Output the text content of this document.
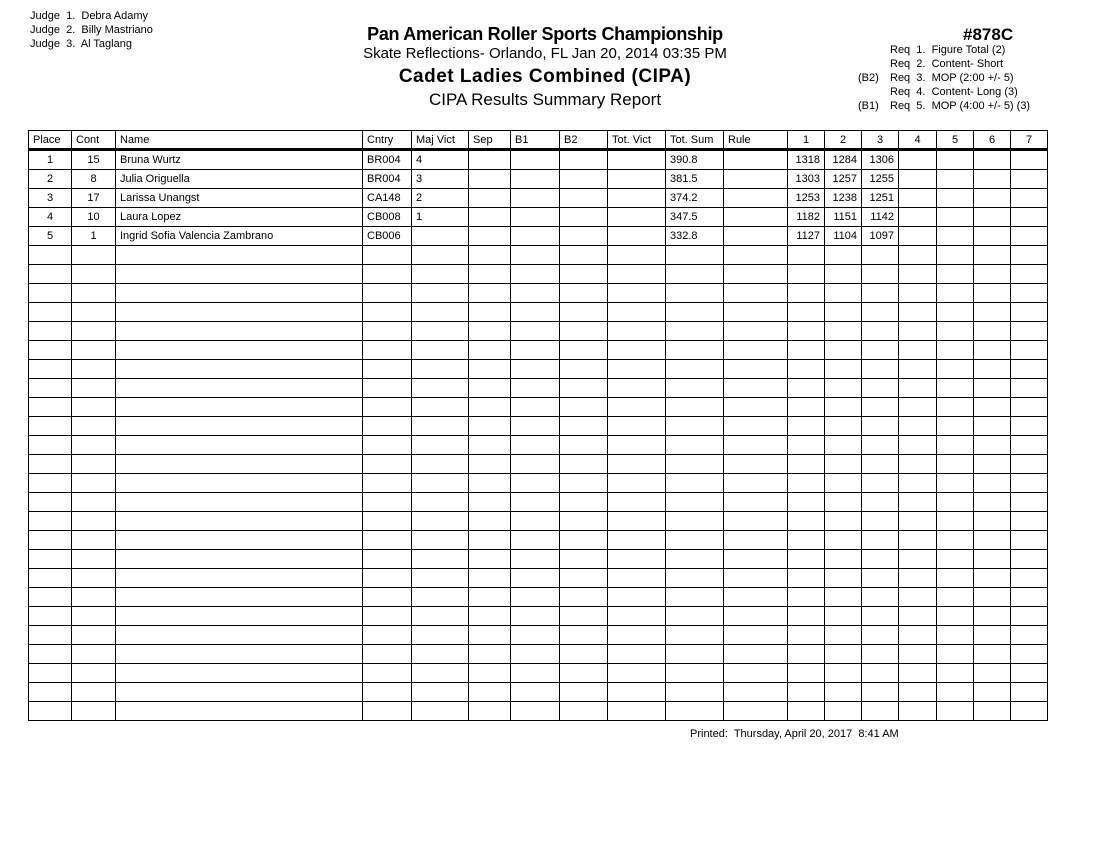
Judge  1.  Debra Adamy
Judge  2.  Billy Mastriano
Judge  3.  Al Taglang	Pan American Roller Sports Championship
Skate Reflections- Orlando, FL Jan 20, 2014 03:35 PM
Cadet Ladies Combined (CIPA)
CIPA Results Summary Report
#878C
Req  1.  Figure Total (2)
Req  2.  Content- Short
(B2) Req  3.  MOP (2:00 +/- 5)
Req  4.  Content- Long (3)
(B1) Req  5.  MOP (4:00 +/- 5) (3)
Place	Cont	Name	Cntry	Maj Vict	Sep	B1	B2	Tot. Vict	Tot. Sum	Rule	1	2	3	4	5	6	7
1	15	Bruna Wurtz	BR004	4					390.8		1318	1284	1306				
2	8	Julia Origuella	BR004	3					381.5		1303	1257	1255				
3	17	Larissa Unangst	CA148	2					374.2		1253	1238	1251				
4	10	Laura Lopez	CB008	1					347.5		1182	1151	1142				
5	1	Ingrid Sofia Valencia Zambrano	CB006						332.8		1127	1104	1097				

Printed:  Thursday, April 20, 2017  8:41 AM
